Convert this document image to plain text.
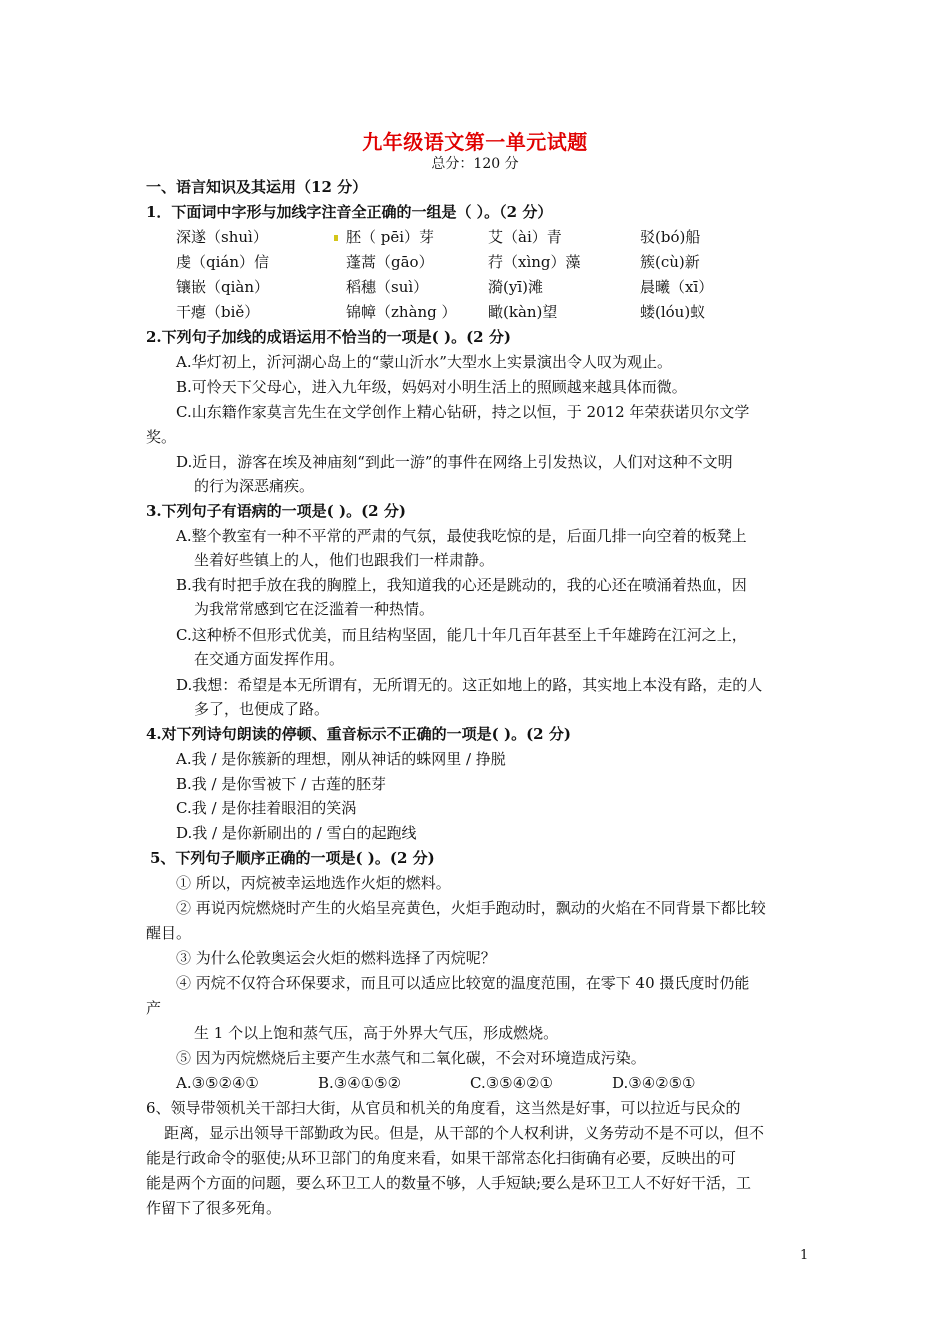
九年级语文第一单元试题
总分：120 分
一、语言知识及其运用（12 分）
1．下面词中字形与加线字注音全正确的一组是（ ）。（2 分）
深遂（shuì）	胚（ pēi）芽	艾（ài）青	驳(bó)船
虔（qián）信	蓬蒿（gāo）	荇（xìng）藻	簇(cù)新
镶嵌（qiàn）	稻穗（suì）	漪(yī)滩	晨曦（xī）
干瘪（biě）	锦幛（zhàng ） 瞰(kàn)望	蝼(lóu)蚁
2.下列句子加线的成语运用不恰当的一项是( )。(2 分)
A.华灯初上，沂河湖心岛上的“蒙山沂水”大型水上实景演出令人叹为观止。
B.可怜天下父母心，进入九年级，妈妈对小明生活上的照顾越来越具体而微。
C.山东籍作家莫言先生在文学创作上精心钻研，持之以恒，于 2012 年荣获诺贝尔文学
奖。
D.近日，游客在埃及神庙刻“到此一游”的事件在网络上引发热议，人们对这种不文明
的行为深恶痛疾。
3.下列句子有语病的一项是( )。(2 分)
A.整个教室有一种不平常的严肃的气氛，最使我吃惊的是，后面几排一向空着的板凳上
坐着好些镇上的人，他们也跟我们一样肃静。
B.我有时把手放在我的胸膛上，我知道我的心还是跳动的，我的心还在喷涌着热血，因
为我常常感到它在泛滥着一种热情。
C.这种桥不但形式优美，而且结构坚固，能几十年几百年甚至上千年雄跨在江河之上，
在交通方面发挥作用。
D.我想：希望是本无所谓有，无所谓无的。这正如地上的路，其实地上本没有路，走的人
多了，也便成了路。
4.对下列诗句朗读的停顿、重音标示不正确的一项是( )。(2 分)
A.我 / 是你簇新的理想，刚从神话的蛛网里 / 挣脱
B.我 / 是你雪被下 / 古莲的胚芽
C.我 / 是你挂着眼泪的笑涡
D.我 / 是你新刷出的 / 雪白的起跑线
5、下列句子顺序正确的一项是( )。(2 分)
① 所以，丙烷被幸运地选作火炬的燃料。
② 再说丙烷燃烧时产生的火焰呈亮黄色，火炬手跑动时，飘动的火焰在不同背景下都比较
醒目。
③ 为什么伦敦奥运会火炬的燃料选择了丙烷呢？
④ 丙烷不仅符合环保要求，而且可以适应比较宽的温度范围，在零下 40 摄氏度时仍能
产
生 1 个以上饱和蒸气压，高于外界大气压，形成燃烧。
⑤ 因为丙烷燃烧后主要产生水蒸气和二氧化碳，不会对环境造成污染。
A.③⑤②④①	B.③④①⑤②	C.③⑤④②①	D.③④②⑤①
6、领导带领机关干部扫大街，从官员和机关的角度看，这当然是好事，可以拉近与民众的
距离，显示出领导干部勤政为民。但是，从干部的个人权利讲，义务劳动不是不可以，但不
能是行政命令的驱使;从环卫部门的角度来看，如果干部常态化扫街确有必要，反映出的可
能是两个方面的问题，要么环卫工人的数量不够，人手短缺;要么是环卫工人不好好干活，工
作留下了很多死角。
1
